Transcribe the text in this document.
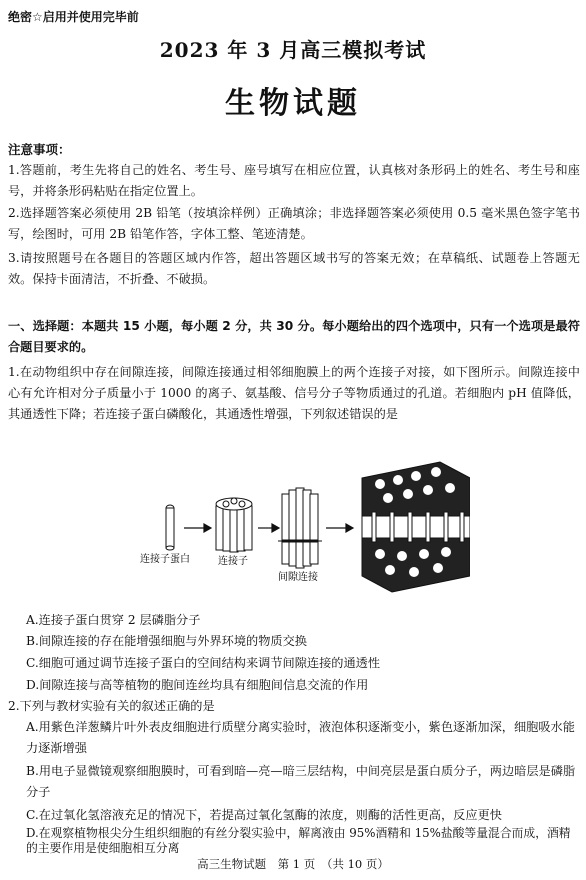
绝密☆启用并使用完毕前
2023 年 3 月高三模拟考试
生物试题
注意事项：
1.答题前，考生先将自己的姓名、考生号、座号填写在相应位置，认真核对条形码上的姓名、考生号和座号，并将条形码粘贴在指定位置上。
2.选择题答案必须使用 2B 铅笔（按填涂样例）正确填涂；非选择题答案必须使用 0.5 毫米黑色签字笔书写，绘图时，可用 2B 铅笔作答，字体工整、笔迹清楚。
3.请按照题号在各题目的答题区域内作答，超出答题区域书写的答案无效；在草稿纸、试题卷上答题无效。保持卡面清洁，不折叠、不破损。
一、选择题：本题共 15 小题，每小题 2 分，共 30 分。每小题给出的四个选项中，只有一个选项是最符合题目要求的。
1.在动物组织中存在间隙连接，间隙连接通过相邻细胞膜上的两个连接子对接，如下图所示。间隙连接中心有允许相对分子质量小于 1000 的离子、氨基酸、信号分子等物质通过的孔道。若细胞内 pH 值降低，其通透性下降；若连接子蛋白磷酸化，其通透性增强，下列叙述错误的是
连接子蛋白	连接子
间隙连接
A.连接子蛋白贯穿 2 层磷脂分子
B.间隙连接的存在能增强细胞与外界环境的物质交换
C.细胞可通过调节连接子蛋白的空间结构来调节间隙连接的通透性
D.间隙连接与高等植物的胞间连丝均具有细胞间信息交流的作用
2.下列与教材实验有关的叙述正确的是
A.用紫色洋葱鳞片叶外表皮细胞进行质壁分离实验时，液泡体积逐渐变小，紫色逐渐加深，细胞吸水能力逐渐增强
B.用电子显微镜观察细胞膜时，可看到暗—亮—暗三层结构，中间亮层是蛋白质分子，两边暗层是磷脂分子
C.在过氧化氢溶液充足的情况下，若提高过氧化氢酶的浓度，则酶的活性更高，反应更快
D.在观察植物根尖分生组织细胞的有丝分裂实验中，解离液由 95%酒精和 15%盐酸等量混合而成，酒精的主要作用是使细胞相互分离
高三生物试题　第 1 页　（共 10 页）
